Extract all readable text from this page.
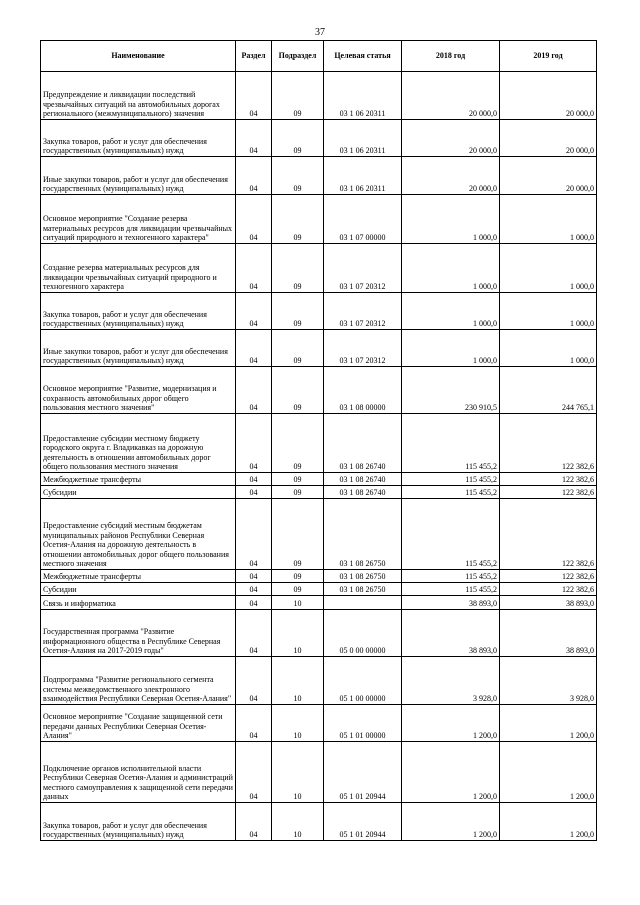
37
Наименование	Раздел	Подраздел	Целевая статья	2018 год	2019 год
Предупреждение и ликвидации последствий чрезвычайных ситуаций на автомобильных дорогах регионального (межмуниципального) значения	04	09	03 1 06 20311	20 000,0	20 000,0
Закупка товаров, работ и услуг для обеспечения государственных (муниципальных) нужд	04	09	03 1 06 20311	20 000,0	20 000,0
Иные закупки товаров, работ и услуг для обеспечения государственных (муниципальных) нужд	04	09	03 1 06 20311	20 000,0	20 000,0
Основное мероприятие "Создание резерва материальных ресурсов для ликвидации чрезвычайных ситуаций природного и техногенного характера"	04	09	03 1 07 00000	1 000,0	1 000,0
Создание резерва материальных ресурсов для ликвидации чрезвычайных ситуаций природного и техногенного характера	04	09	03 1 07 20312	1 000,0	1 000,0
Закупка товаров, работ и услуг для обеспечения государственных (муниципальных) нужд	04	09	03 1 07 20312	1 000,0	1 000,0
Иные закупки товаров, работ и услуг для обеспечения государственных (муниципальных) нужд	04	09	03 1 07 20312	1 000,0	1 000,0
Основное мероприятие "Развитие, модернизация и сохранность автомобильных дорог общего пользования местного значения"	04	09	03 1 08 00000	230 910,5	244 765,1
Предоставление субсидии местному бюджету городского округа г. Владикавказ на дорожную деятельность в отношении автомобильных дорог общего пользования местного значения	04	09	03 1 08 26740	115 455,2	122 382,6
Межбюджетные трансферты	04	09	03 1 08 26740	115 455,2	122 382,6
Субсидии	04	09	03 1 08 26740	115 455,2	122 382,6
Предоставление субсидий местным бюджетам муниципальных районов Республики Северная Осетия-Алания на дорожную деятельность в отношении автомобильных дорог общего пользования местного значения	04	09	03 1 08 26750	115 455,2	122 382,6
Межбюджетные трансферты	04	09	03 1 08 26750	115 455,2	122 382,6
Субсидии	04	09	03 1 08 26750	115 455,2	122 382,6
Связь и информатика	04	10		38 893,0	38 893,0
Государственная программа "Развитие информационного общества в Республике Северная Осетия-Алания на 2017-2019 годы"	04	10	05 0 00 00000	38 893,0	38 893,0
Подпрограмма "Развитие регионального сегмента системы межведомственного электронного взаимодействия Республики Северная Осетия-Алания"	04	10	05 1 00 00000	3 928,0	3 928,0
Основное мероприятие "Создание защищенной сети передачи данных Республики Северная Осетия-Алания"	04	10	05 1 01 00000	1 200,0	1 200,0
Подключение органов исполнительной власти Республики Северная Осетия-Алания и администраций местного самоуправления к защищенной сети передачи данных	04	10	05 1 01 20944	1 200,0	1 200,0
Закупка товаров, работ и услуг для обеспечения государственных (муниципальных) нужд	04	10	05 1 01 20944	1 200,0	1 200,0
